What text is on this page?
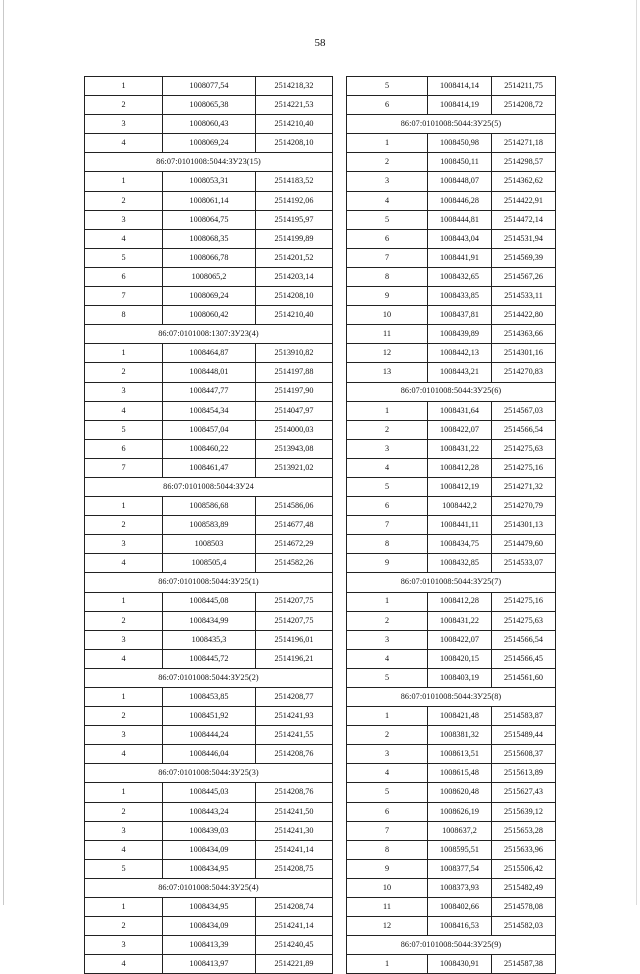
58
1	1008077,54	2514218,32
2	1008065,38	2514221,53
3	1008060,43	2514210,40
4	1008069,24	2514208,10
86:07:0101008:5044:ЗУ23(15)		
1	1008053,31	2514183,52
2	1008061,14	2514192,06
3	1008064,75	2514195,97
4	1008068,35	2514199,89
5	1008066,78	2514201,52
6	1008065,2	2514203,14
7	1008069,24	2514208,10
8	1008060,42	2514210,40
86:07:0101008:1307:ЗУ23(4)		
1	1008464,87	2513910,82
2	1008448,01	2514197,88
3	1008447,77	2514197,90
4	1008454,34	2514047,97
5	1008457,04	2514000,03
6	1008460,22	2513943,08
7	1008461,47	2513921,02
86:07:0101008:5044:ЗУ24		
1	1008586,68	2514586,06
2	1008583,89	2514677,48
3	1008503	2514672,29
4	1008505,4	2514582,26
86:07:0101008:5044:ЗУ25(1)		
1	1008445,08	2514207,75
2	1008434,99	2514207,75
3	1008435,3	2514196,01
4	1008445,72	2514196,21
86:07:0101008:5044:ЗУ25(2)		
1	1008453,85	2514208,77
2	1008451,92	2514241,93
3	1008444,24	2514241,55
4	1008446,04	2514208,76
86:07:0101008:5044:ЗУ25(3)		
1	1008445,03	2514208,76
2	1008443,24	2514241,50
3	1008439,03	2514241,30
4	1008434,09	2514241,14
5	1008434,95	2514208,75
86:07:0101008:5044:ЗУ25(4)		
1	1008434,95	2514208,74
2	1008434,09	2514241,14
3	1008413,39	2514240,45
4	1008413,97	2514221,89
5	1008414,14	2514211,75
6	1008414,19	2514208,72
86:07:0101008:5044:ЗУ25(5)		
1	1008450,98	2514271,18
2	1008450,11	2514298,57
3	1008448,07	2514362,62
4	1008446,28	2514422,91
5	1008444,81	2514472,14
6	1008443,04	2514531,94
7	1008441,91	2514569,39
8	1008432,65	2514567,26
9	1008433,85	2514533,11
10	1008437,81	2514422,80
11	1008439,89	2514363,66
12	1008442,13	2514301,16
13	1008443,21	2514270,83
86:07:0101008:5044:ЗУ25(6)		
1	1008431,64	2514567,03
2	1008422,07	2514566,54
3	1008431,22	2514275,63
4	1008412,28	2514275,16
5	1008412,19	2514271,32
6	1008442,2	2514270,79
7	1008441,11	2514301,13
8	1008434,75	2514479,60
9	1008432,85	2514533,07
86:07:0101008:5044:ЗУ25(7)		
1	1008412,28	2514275,16
2	1008431,22	2514275,63
3	1008422,07	2514566,54
4	1008420,15	2514566,45
5	1008403,19	2514561,60
86:07:0101008:5044:ЗУ25(8)		
1	1008421,48	2514583,87
2	1008381,32	2515489,44
3	1008613,51	2515608,37
4	1008615,48	2515613,89
5	1008620,48	2515627,43
6	1008626,19	2515639,12
7	1008637,2	2515653,28
8	1008595,51	2515633,96
9	1008377,54	2515506,42
10	1008373,93	2515482,49
11	1008402,66	2514578,08
12	1008416,53	2514582,03
86:07:0101008:5044:ЗУ25(9)		
1	1008430,91	2514587,38
